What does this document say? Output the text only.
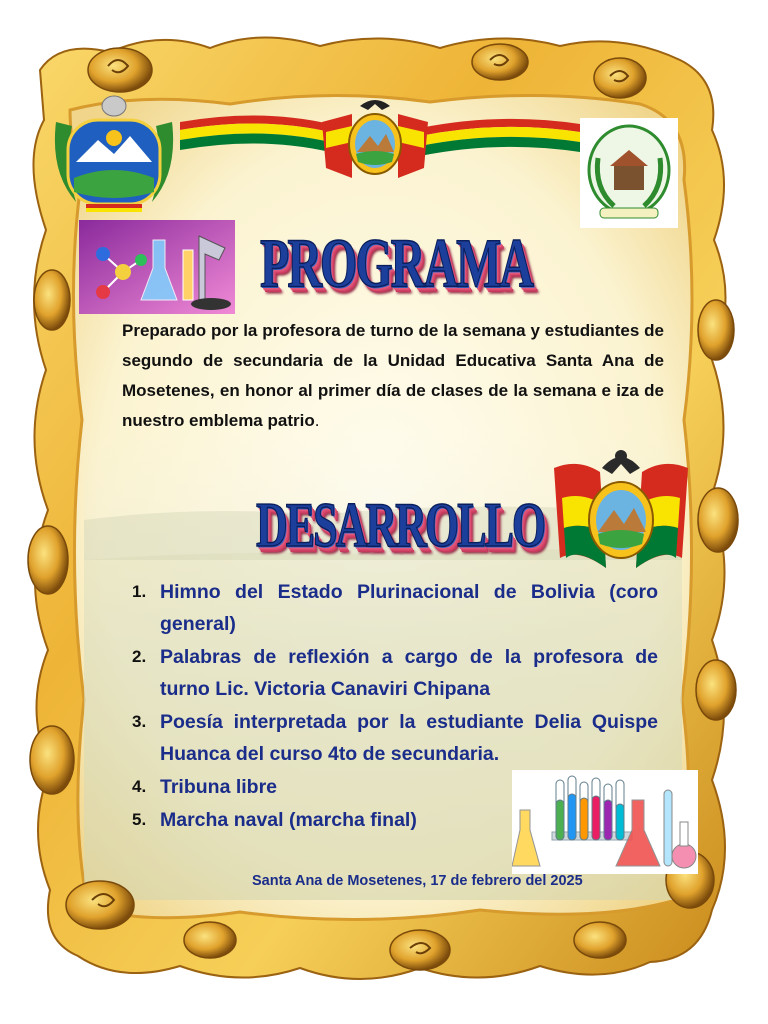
PROGRAMA

Preparado por la profesora de turno de la semana y estudiantes de segundo de secundaria de la Unidad Educativa Santa Ana de Mosetenes, en honor al primer día de clases de la semana e iza de nuestro emblema patrio.

DESARROLLO
1. Himno del Estado Plurinacional de Bolivia (coro general)
2. Palabras de reflexión a cargo de la profesora de turno Lic. Victoria Canaviri Chipana
3. Poesía interpretada por la estudiante Delia Quispe Huanca del curso 4to de secundaria.
4. Tribuna libre
5. Marcha naval (marcha final)
Santa Ana de Mosetenes, 17 de febrero del 2025
